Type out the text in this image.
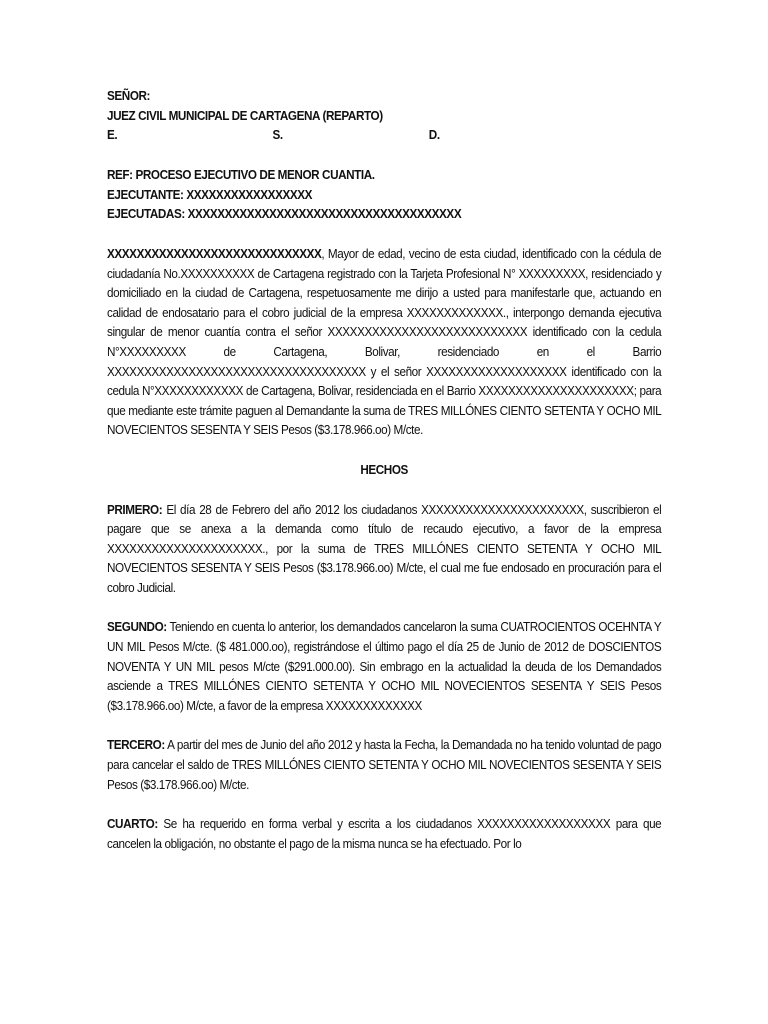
SEÑOR:
JUEZ CIVIL MUNICIPAL DE CARTAGENA (REPARTO)
E.	S.	D.
REF: PROCESO EJECUTIVO DE MENOR CUANTIA.
EJECUTANTE: XXXXXXXXXXXXXXXXX
EJECUTADAS: XXXXXXXXXXXXXXXXXXXXXXXXXXXXXXXXXXXXX

XXXXXXXXXXXXXXXXXXXXXXXXXXXXX, Mayor de edad, vecino de esta ciudad, identificado con la cédula de ciudadanía No.XXXXXXXXXX de Cartagena registrado con la Tarjeta Profesional N° XXXXXXXXX, residenciado y domiciliado en la ciudad de Cartagena, respetuosamente me dirijo a usted para manifestarle que, actuando en calidad de endosatario para el cobro judicial de la empresa XXXXXXXXXXXXX., interpongo demanda ejecutiva singular de menor cuantía contra el señor XXXXXXXXXXXXXXXXXXXXXXXXXXX identificado con la cedula N°XXXXXXXXX de Cartagena, Bolivar, residenciado en el Barrio XXXXXXXXXXXXXXXXXXXXXXXXXXXXXXXXXXX y el señor XXXXXXXXXXXXXXXXXXX identificado con la cedula N°XXXXXXXXXXXX de Cartagena, Bolivar, residenciada en el Barrio XXXXXXXXXXXXXXXXXXXXX; para que mediante este trámite paguen al Demandante la suma de TRES MILLÓNES CIENTO SETENTA Y OCHO MIL NOVECIENTOS SESENTA Y SEIS Pesos ($3.178.966.oo) M/cte.

HECHOS

PRIMERO: El día 28 de Febrero del año 2012 los ciudadanos XXXXXXXXXXXXXXXXXXXXXX, suscribieron el pagare que se anexa a la demanda como título de recaudo ejecutivo, a favor de la empresa XXXXXXXXXXXXXXXXXXXXX., por la suma de TRES MILLÓNES CIENTO SETENTA Y OCHO MIL NOVECIENTOS SESENTA Y SEIS Pesos ($3.178.966.oo) M/cte, el cual me fue endosado en procuración para el cobro Judicial.

SEGUNDO: Teniendo en cuenta lo anterior, los demandados cancelaron la suma CUATROCIENTOS OCEHNTA Y UN MIL Pesos M/cte. ($ 481.000.oo), registrándose el último pago el día 25 de Junio de 2012 de DOSCIENTOS NOVENTA Y UN MIL pesos M/cte ($291.000.00). Sin embrago en la actualidad la deuda de los Demandados asciende a TRES MILLÓNES CIENTO SETENTA Y OCHO MIL NOVECIENTOS SESENTA Y SEIS Pesos ($3.178.966.oo) M/cte, a favor de la empresa XXXXXXXXXXXXX

TERCERO: A partir del mes de Junio del año 2012 y hasta la Fecha, la Demandada no ha tenido voluntad de pago para cancelar el saldo de TRES MILLÓNES CIENTO SETENTA Y OCHO MIL NOVECIENTOS SESENTA Y SEIS Pesos ($3.178.966.oo) M/cte.

CUARTO: Se ha requerido en forma verbal y escrita a los ciudadanos XXXXXXXXXXXXXXXXXX para que cancelen la obligación, no obstante el pago de la misma nunca se ha efectuado. Por lo
